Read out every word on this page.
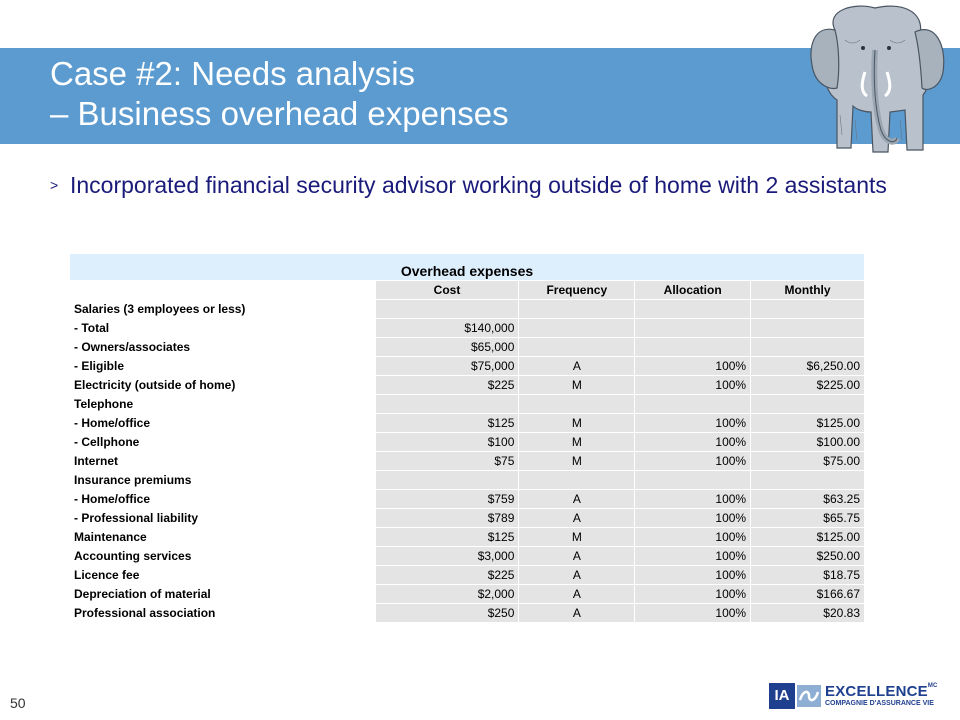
Case #2: Needs analysis
– Business overhead expenses
> Incorporated financial security advisor working outside of home with 2 assistants
Overhead expenses				
	Cost	Frequency	Allocation	Monthly
Salaries (3 employees or less)				
- Total	$140,000			
- Owners/associates	$65,000			
- Eligible	$75,000	A	100%	$6,250.00
Electricity (outside of home)	$225	M	100%	$225.00
Telephone				
- Home/office	$125	M	100%	$125.00
- Cellphone	$100	M	100%	$100.00
Internet	$75	M	100%	$75.00
Insurance premiums				
- Home/office	$759	A	100%	$63.25
- Professional liability	$789	A	100%	$65.75
Maintenance	$125	M	100%	$125.00
Accounting services	$3,000	A	100%	$250.00
Licence fee	$225	A	100%	$18.75
Depreciation of material	$2,000	A	100%	$166.67
Professional association	$250	A	100%	$20.83
50	IA	$EXCELLENCE^{MC}$
COMPAGNIE D'ASSURANCE VIE
